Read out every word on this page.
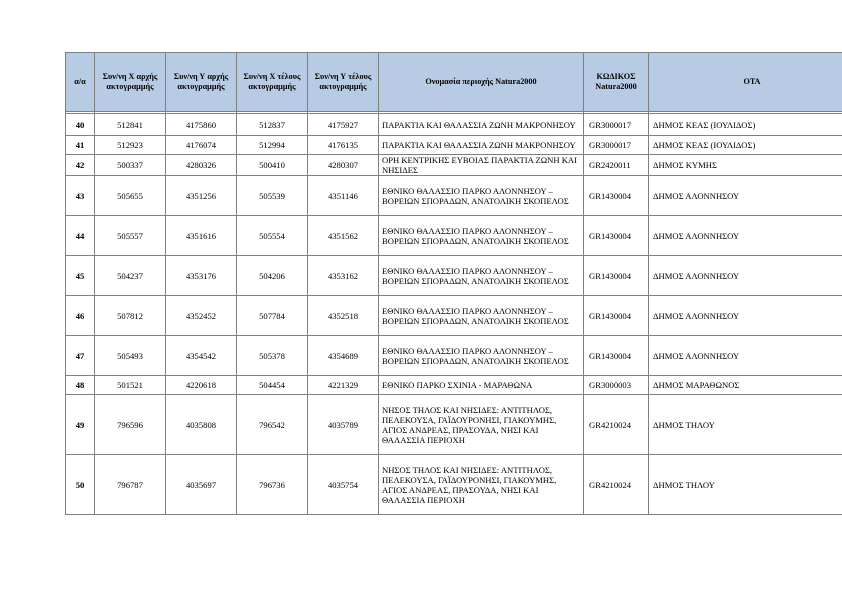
α/α	Συν/νη Χ αρχής ακτογραμμής	Συν/νη Υ αρχής ακτογραμμής	Συν/νη Χ τέλους ακτογραμμής	Συν/νη Υ τέλους ακτογραμμής	Ονομασία περιοχής Natura2000	ΚΩΔΙΚΟΣ Natura2000	ΟΤΑ

40	512841	4175860	512837	4175927	ΠΑΡΑΚΤΙΑ ΚΑΙ ΘΑΛΑΣΣΙΑ ΖΩΝΗ ΜΑΚΡΟΝΗΣΟΥ	GR3000017	ΔΗΜΟΣ ΚΕΑΣ (ΙΟΥΛΙΔΟΣ)
41	512923	4176074	512994	4176135	ΠΑΡΑΚΤΙΑ ΚΑΙ ΘΑΛΑΣΣΙΑ ΖΩΝΗ ΜΑΚΡΟΝΗΣΟΥ	GR3000017	ΔΗΜΟΣ ΚΕΑΣ (ΙΟΥΛΙΔΟΣ)
42	500337	4280326	500410	4280307	ΟΡΗ ΚΕΝΤΡΙΚΗΣ ΕΥΒΟΙΑΣ ΠΑΡΑΚΤΙΑ ΖΩΝΗ ΚΑΙ ΝΗΣΙΔΕΣ	GR2420011	ΔΗΜΟΣ ΚΥΜΗΣ
43	505655	4351256	505539	4351146	ΕΘΝΙΚΟ ΘΑΛΑΣΣΙΟ ΠΑΡΚΟ ΑΛΟΝΝΗΣΟΥ – ΒΟΡΕΙΩΝ ΣΠΟΡΑΔΩΝ, ΑΝΑΤΟΛΙΚΗ ΣΚΟΠΕΛΟΣ	GR1430004	ΔΗΜΟΣ ΑΛΟΝΝΗΣΟΥ
44	505557	4351616	505554	4351562	ΕΘΝΙΚΟ ΘΑΛΑΣΣΙΟ ΠΑΡΚΟ ΑΛΟΝΝΗΣΟΥ – ΒΟΡΕΙΩΝ ΣΠΟΡΑΔΩΝ, ΑΝΑΤΟΛΙΚΗ ΣΚΟΠΕΛΟΣ	GR1430004	ΔΗΜΟΣ ΑΛΟΝΝΗΣΟΥ
45	504237	4353176	504206	4353162	ΕΘΝΙΚΟ ΘΑΛΑΣΣΙΟ ΠΑΡΚΟ ΑΛΟΝΝΗΣΟΥ – ΒΟΡΕΙΩΝ ΣΠΟΡΑΔΩΝ, ΑΝΑΤΟΛΙΚΗ ΣΚΟΠΕΛΟΣ	GR1430004	ΔΗΜΟΣ ΑΛΟΝΝΗΣΟΥ
46	507812	4352452	507784	4352518	ΕΘΝΙΚΟ ΘΑΛΑΣΣΙΟ ΠΑΡΚΟ ΑΛΟΝΝΗΣΟΥ – ΒΟΡΕΙΩΝ ΣΠΟΡΑΔΩΝ, ΑΝΑΤΟΛΙΚΗ ΣΚΟΠΕΛΟΣ	GR1430004	ΔΗΜΟΣ ΑΛΟΝΝΗΣΟΥ
47	505493	4354542	505378	4354689	ΕΘΝΙΚΟ ΘΑΛΑΣΣΙΟ ΠΑΡΚΟ ΑΛΟΝΝΗΣΟΥ – ΒΟΡΕΙΩΝ ΣΠΟΡΑΔΩΝ, ΑΝΑΤΟΛΙΚΗ ΣΚΟΠΕΛΟΣ	GR1430004	ΔΗΜΟΣ ΑΛΟΝΝΗΣΟΥ
48	501521	4220618	504454	4221329	ΕΘΝΙΚΟ ΠΑΡΚΟ ΣΧΙΝΙΑ - ΜΑΡΑΘΩΝΑ	GR3000003	ΔΗΜΟΣ ΜΑΡΑΘΩΝΟΣ
49	796596	4035808	796542	4035789	ΝΗΣΟΣ ΤΗΛΟΣ ΚΑΙ ΝΗΣΙΔΕΣ: ΑΝΤΙΤΗΛΟΣ, ΠΕΛΕΚΟΥΣΑ, ΓΑΪΔΟΥΡΟΝΗΣΙ, ΓΙΑΚΟΥΜΗΣ, ΑΓΙΟΣ ΑΝΔΡΕΑΣ, ΠΡΑΣΟΥΔΑ, ΝΗΣΙ ΚΑΙ ΘΑΛΑΣΣΙΑ ΠΕΡΙΟΧΗ	GR4210024	ΔΗΜΟΣ ΤΗΛΟΥ
50	796787	4035697	796736	4035754	ΝΗΣΟΣ ΤΗΛΟΣ ΚΑΙ ΝΗΣΙΔΕΣ: ΑΝΤΙΤΗΛΟΣ, ΠΕΛΕΚΟΥΣΑ, ΓΑΪΔΟΥΡΟΝΗΣΙ, ΓΙΑΚΟΥΜΗΣ, ΑΓΙΟΣ ΑΝΔΡΕΑΣ, ΠΡΑΣΟΥΔΑ, ΝΗΣΙ ΚΑΙ ΘΑΛΑΣΣΙΑ ΠΕΡΙΟΧΗ	GR4210024	ΔΗΜΟΣ ΤΗΛΟΥ
